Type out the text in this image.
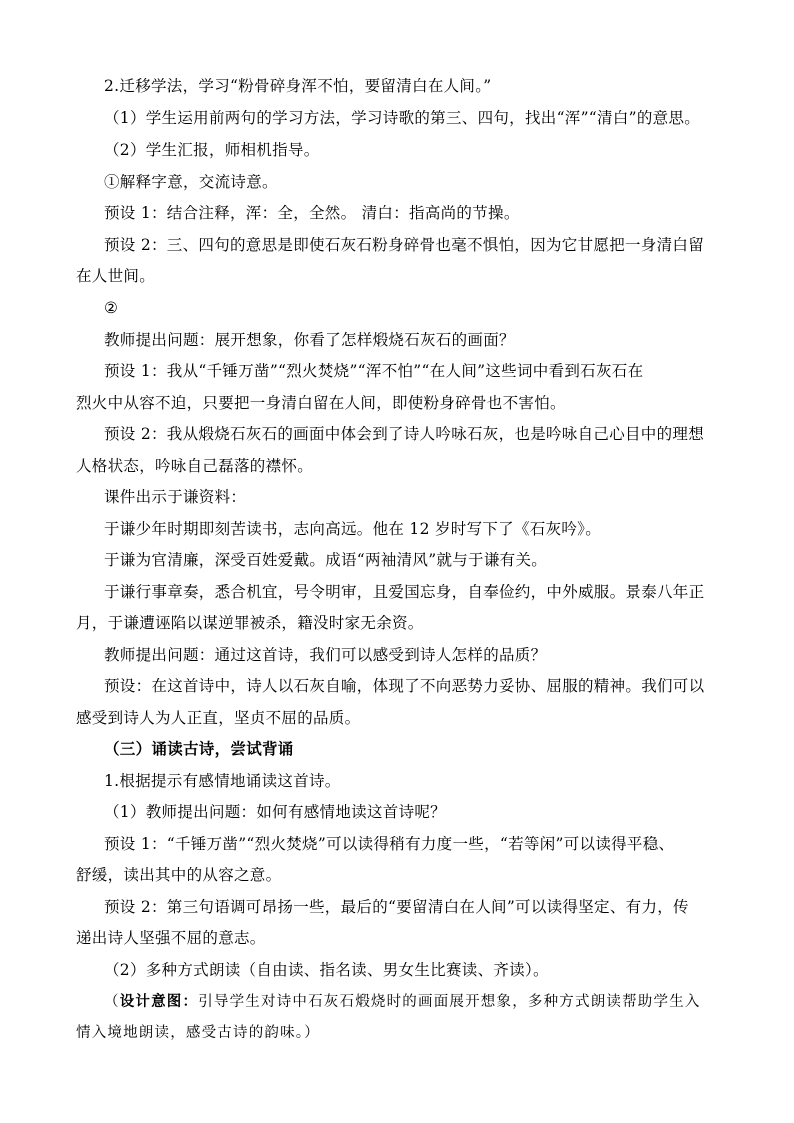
2.迁移学法，学习“粉骨碎身浑不怕，要留清白在人间。”
（1）学生运用前两句的学习方法，学习诗歌的第三、四句，找出“浑”“清白”的意思。
（2）学生汇报，师相机指导。
①解释字意，交流诗意。
预设 1：结合注释，浑：全，全然。 清白：指高尚的节操。
预设 2：三、四句的意思是即使石灰石粉身碎骨也毫不惧怕，因为它甘愿把一身清白留
在人世间。
②
教师提出问题：展开想象，你看了怎样煅烧石灰石的画面？
预设 1：我从“千锤万凿”“烈火焚烧”“浑不怕”“在人间”这些词中看到石灰石在
烈火中从容不迫，只要把一身清白留在人间，即使粉身碎骨也不害怕。
预设 2：我从煅烧石灰石的画面中体会到了诗人吟咏石灰，也是吟咏自己心目中的理想
人格状态，吟咏自己磊落的襟怀。
课件出示于谦资料：
于谦少年时期即刻苦读书，志向高远。他在 12 岁时写下了《石灰吟》。
于谦为官清廉，深受百姓爱戴。成语“两袖清风”就与于谦有关。
于谦行事章奏，悉合机宜，号令明审，且爱国忘身，自奉俭约，中外威服。景泰八年正
月，于谦遭诬陷以谋逆罪被杀，籍没时家无余资。
教师提出问题：通过这首诗，我们可以感受到诗人怎样的品质？
预设：在这首诗中，诗人以石灰自喻，体现了不向恶势力妥协、屈服的精神。我们可以
感受到诗人为人正直，坚贞不屈的品质。
（三）诵读古诗，尝试背诵
1.根据提示有感情地诵读这首诗。
（1）教师提出问题：如何有感情地读这首诗呢？
预设 1：“千锤万凿”“烈火焚烧”可以读得稍有力度一些，“若等闲”可以读得平稳、
舒缓，读出其中的从容之意。
预设 2：第三句语调可昂扬一些，最后的“要留清白在人间”可以读得坚定、有力，传
递出诗人坚强不屈的意志。
（2）多种方式朗读（自由读、指名读、男女生比赛读、齐读）。
（设计意图：引导学生对诗中石灰石煅烧时的画面展开想象，多种方式朗读帮助学生入
情入境地朗读，感受古诗的韵味。）
